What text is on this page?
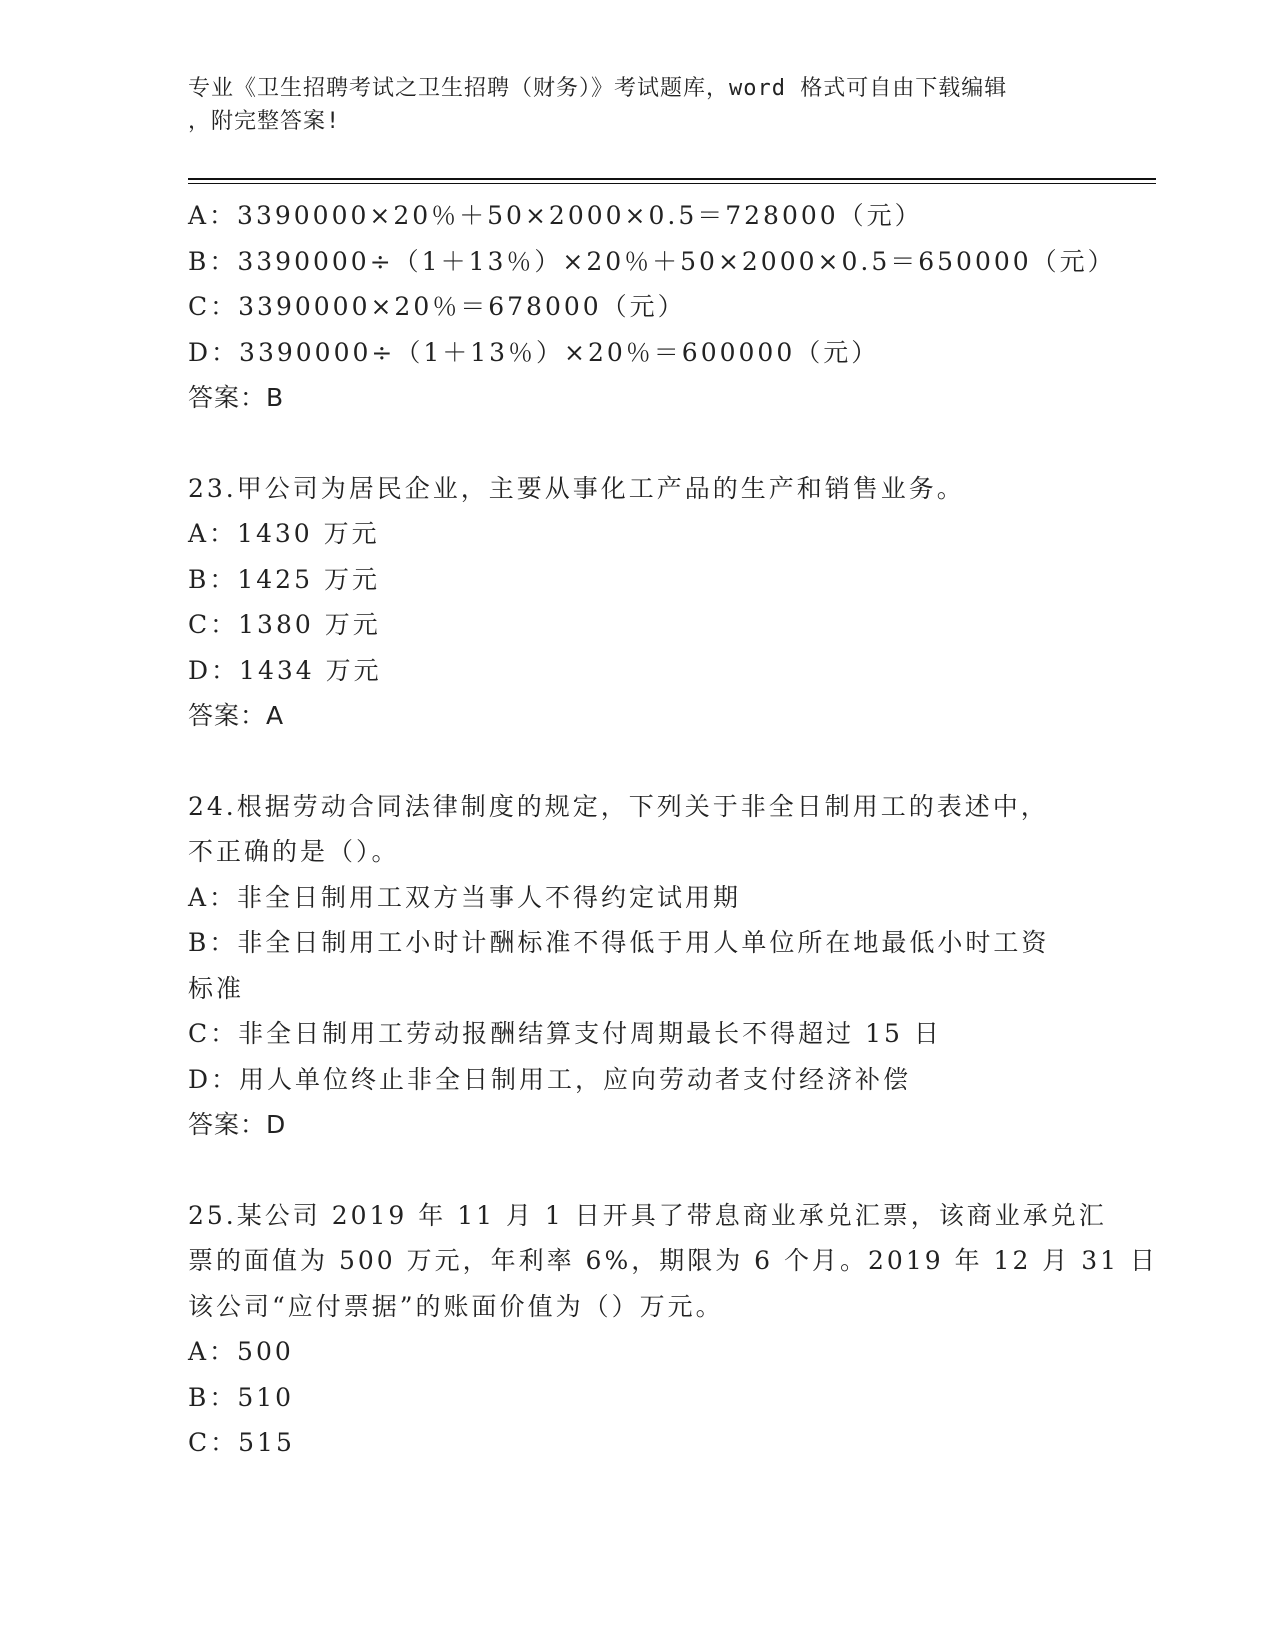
专业《卫生招聘考试之卫生招聘（财务）》考试题库，word 格式可自由下载编辑
，附完整答案!

A：3390000×20％＋50×2000×0.5＝728000（元）

B：3390000÷（1＋13％）×20％＋50×2000×0.5＝650000（元）

C：3390000×20％＝678000（元）

D：3390000÷（1＋13％）×20％＝600000（元）

答案：B

23.甲公司为居民企业，主要从事化工产品的生产和销售业务。

A：1430 万元

B：1425 万元

C：1380 万元

D：1434 万元

答案：A

24.根据劳动合同法律制度的规定，下列关于非全日制用工的表述中，

不正确的是（）。

A：非全日制用工双方当事人不得约定试用期

B：非全日制用工小时计酬标准不得低于用人单位所在地最低小时工资

标准

C：非全日制用工劳动报酬结算支付周期最长不得超过 15 日

D：用人单位终止非全日制用工，应向劳动者支付经济补偿

答案：D

25.某公司 2019 年 11 月 1 日开具了带息商业承兑汇票，该商业承兑汇

票的面值为 500 万元，年利率 6%，期限为 6 个月。2019 年 12 月 31 日

该公司“应付票据”的账面价值为（）万元。

A：500

B：510

C：515
